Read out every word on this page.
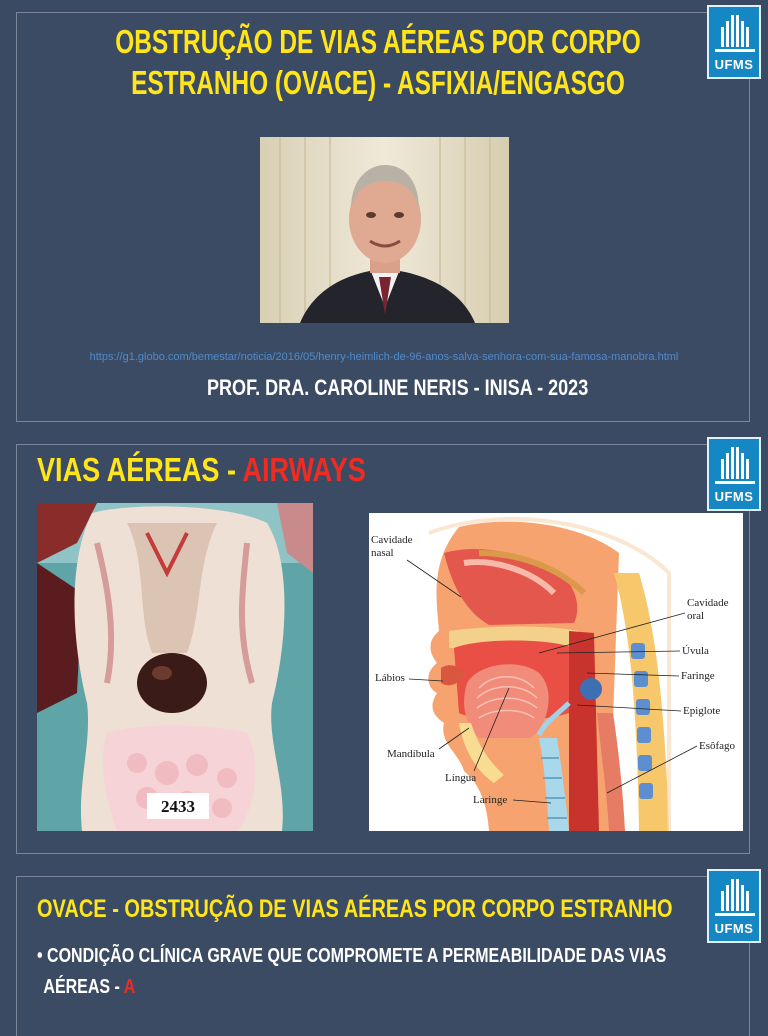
OBSTRUÇÃO DE VIAS AÉREAS POR CORPO
ESTRANHO (OVACE) - ASFIXIA/ENGASGO	UFMS
https://g1.globo.com/bemestar/noticia/2016/05/henry-heimlich-de-96-anos-salva-senhora-com-sua-famosa-manobra.html
PROF. DRA. CAROLINE NERIS - INISA - 2023
VIAS AÉREAS - AIRWAYS
UFMS
2433
Cavidade
nasal
Cavidade
oral
Úvula
Faringe
Lábios
Epiglote
Esôfago
Mandíbula
Língua
Laringe
OVACE - OBSTRUÇÃO DE VIAS AÉREAS POR CORPO ESTRANHO
UFMS
• CONDIÇÃO CLÍNICA GRAVE QUE COMPROMETE A PERMEABILIDADE DAS VIAS
AÉREAS - A
